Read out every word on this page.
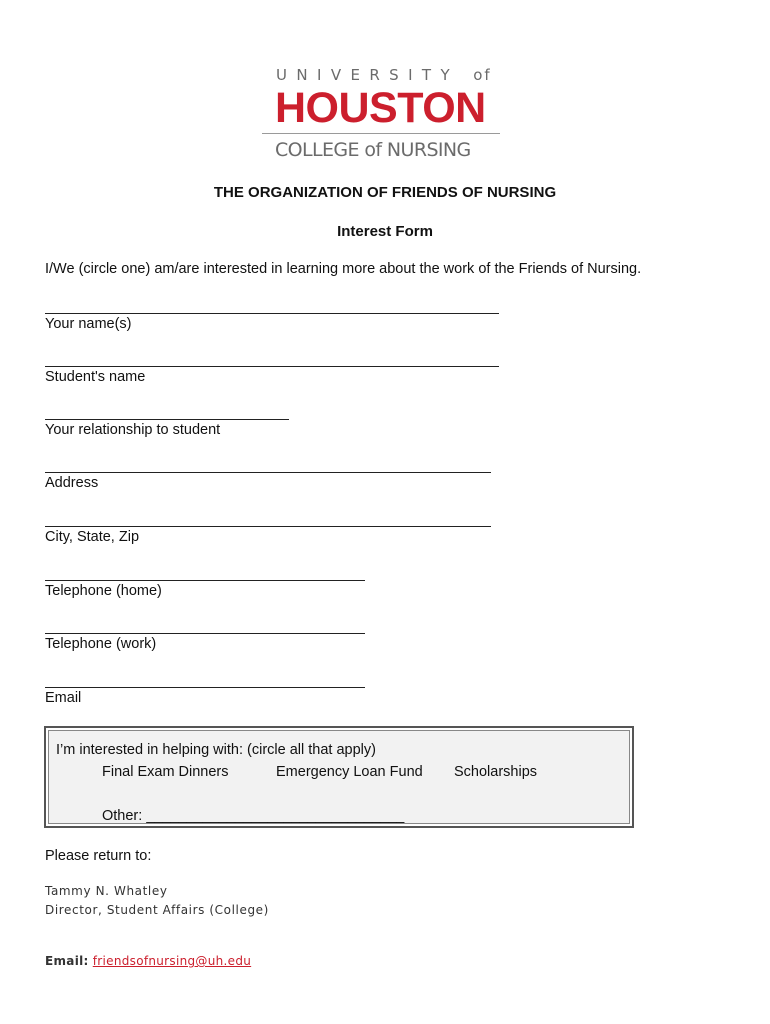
UNIVERSITY of
HOUSTON
COLLEGE of NURSING
THE ORGANIZATION OF FRIENDS OF NURSING
Interest Form
I/We (circle one) am/are interested in learning more about the work of the Friends of Nursing.
Your name(s)
Student's name
Your relationship to student
Address
City, State, Zip
Telephone (home)
Telephone (work)
Email
I’m interested in helping with: (circle all that apply)
Final Exam Dinners	Emergency Loan Fund Scholarships
Other: ________________________________
Please return to:
Tammy N. Whatley
Director, Student Affairs (College)
Email: friendsofnursing@uh.edu
